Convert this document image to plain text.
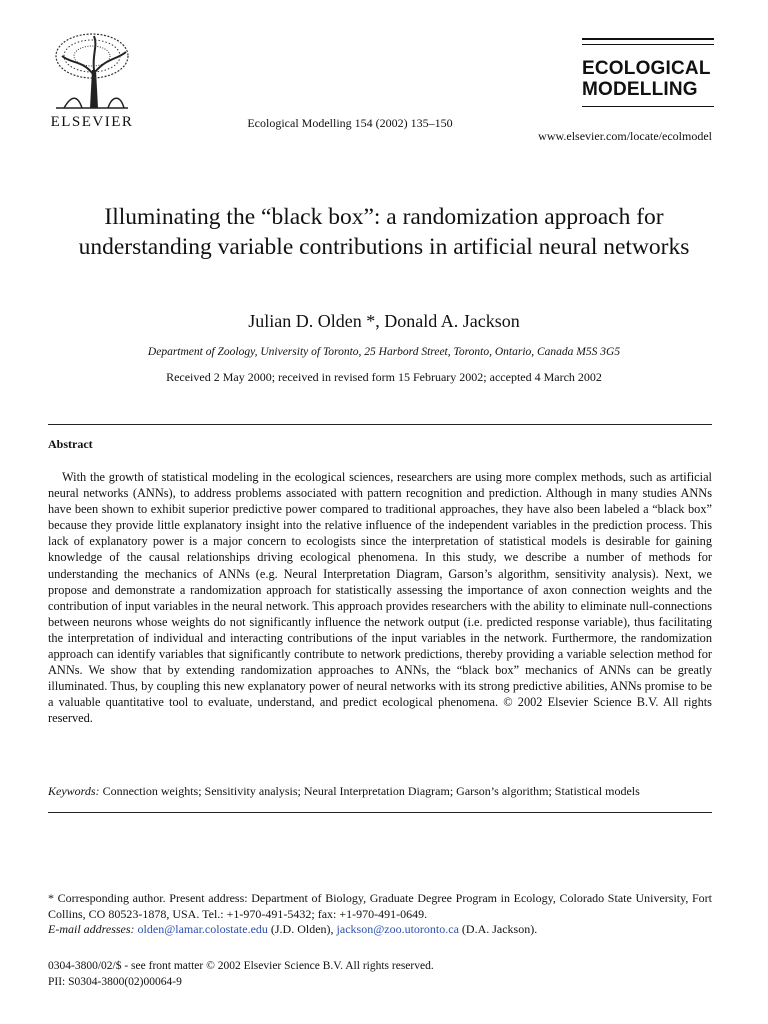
ELSEVIER	Ecological Modelling 154 (2002) 135–150
ECOLOGICAL
MODELLING
www.elsevier.com/locate/ecolmodel
Illuminating the “black box”: a randomization approach for understanding variable contributions in artificial neural networks
Julian D. Olden *, Donald A. Jackson
Department of Zoology, University of Toronto, 25 Harbord Street, Toronto, Ontario, Canada M5S 3G5
Received 2 May 2000; received in revised form 15 February 2002; accepted 4 March 2002
Abstract

With the growth of statistical modeling in the ecological sciences, researchers are using more complex methods, such as artificial neural networks (ANNs), to address problems associated with pattern recognition and prediction. Although in many studies ANNs have been shown to exhibit superior predictive power compared to traditional approaches, they have also been labeled a “black box” because they provide little explanatory insight into the relative influence of the independent variables in the prediction process. This lack of explanatory power is a major concern to ecologists since the interpretation of statistical models is desirable for gaining knowledge of the causal relationships driving ecological phenomena. In this study, we describe a number of methods for understanding the mechanics of ANNs (e.g. Neural Interpretation Diagram, Garson’s algorithm, sensitivity analysis). Next, we propose and demonstrate a randomization approach for statistically assessing the importance of axon connection weights and the contribution of input variables in the neural network. This approach provides researchers with the ability to eliminate null-connections between neurons whose weights do not significantly influence the network output (i.e. predicted response variable), thus facilitating the interpretation of individual and interacting contributions of the input variables in the network. Furthermore, the randomization approach can identify variables that significantly contribute to network predictions, thereby providing a variable selection method for ANNs. We show that by extending randomization approaches to ANNs, the “black box” mechanics of ANNs can be greatly illuminated. Thus, by coupling this new explanatory power of neural networks with its strong predictive abilities, ANNs promise to be a valuable quantitative tool to evaluate, understand, and predict ecological phenomena. © 2002 Elsevier Science B.V. All rights reserved.

Keywords: Connection weights; Sensitivity analysis; Neural Interpretation Diagram; Garson’s algorithm; Statistical models
* Corresponding author. Present address: Department of Biology, Graduate Degree Program in Ecology, Colorado State University, Fort Collins, CO 80523-1878, USA. Tel.: +1-970-491-5432; fax: +1-970-491-0649.
E-mail addresses: olden@lamar.colostate.edu (J.D. Olden), jackson@zoo.utoronto.ca (D.A. Jackson).
0304-3800/02/$ - see front matter © 2002 Elsevier Science B.V. All rights reserved.
PII: S0304-3800(02)00064-9
